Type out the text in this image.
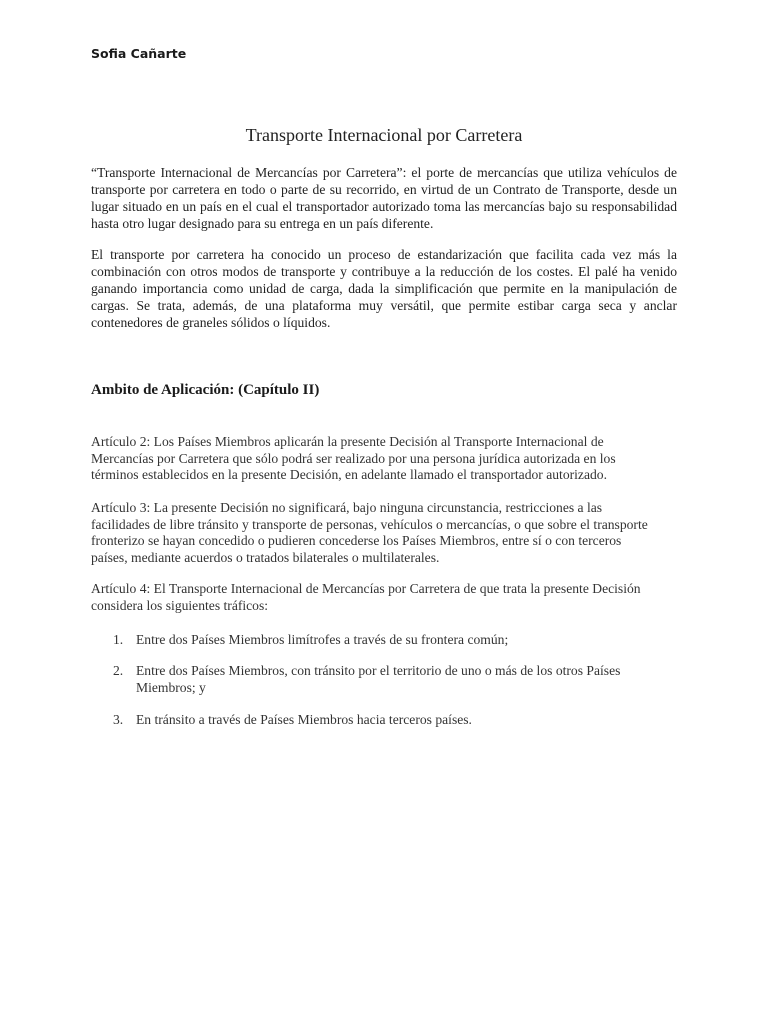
Sofia Cañarte
Transporte Internacional por Carretera
“Transporte Internacional de Mercancías por Carretera”: el porte de mercancías que utiliza vehículos de transporte por carretera en todo o parte de su recorrido, en virtud de un Contrato de Transporte, desde un lugar situado en un país en el cual el transportador autorizado toma las mercancías bajo su responsabilidad hasta otro lugar designado para su entrega en un país diferente.
El transporte por carretera ha conocido un proceso de estandarización que facilita cada vez más la combinación con otros modos de transporte y contribuye a la reducción de los costes. El palé ha venido ganando importancia como unidad de carga, dada la simplificación que permite en la manipulación de cargas. Se trata, además, de una plataforma muy versátil, que permite estibar carga seca y anclar contenedores de graneles sólidos o líquidos.
Ambito de Aplicación: (Capítulo II)
Artículo 2: Los Países Miembros aplicarán la presente Decisión al Transporte Internacional de Mercancías por Carretera que sólo podrá ser realizado por una persona jurídica autorizada en los términos establecidos en la presente Decisión, en adelante llamado el transportador autorizado.
Artículo 3: La presente Decisión no significará, bajo ninguna circunstancia, restricciones a las facilidades de libre tránsito y transporte de personas, vehículos o mercancías, o que sobre el transporte fronterizo se hayan concedido o pudieren concederse los Países Miembros, entre sí o con terceros países, mediante acuerdos o tratados bilaterales o multilaterales.
Artículo 4: El Transporte Internacional de Mercancías por Carretera de que trata la presente Decisión considera los siguientes tráficos:
1. Entre dos Países Miembros limítrofes a través de su frontera común;
2. Entre dos Países Miembros, con tránsito por el territorio de uno o más de los otros Países Miembros; y
3. En tránsito a través de Países Miembros hacia terceros países.
